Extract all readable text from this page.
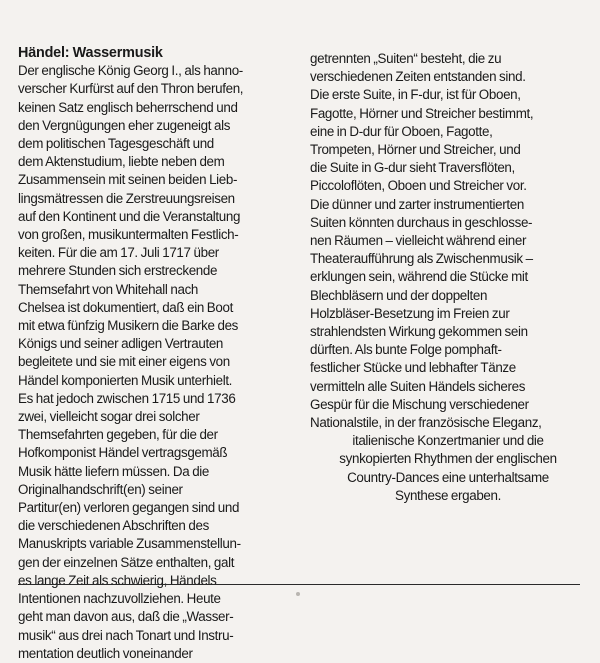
Händel: Wassermusik
Der englische König Georg I., als hanno-
verscher Kurfürst auf den Thron berufen,
keinen Satz englisch beherrschend und
den Vergnügungen eher zugeneigt als
dem politischen Tagesgeschäft und
dem Aktenstudium, liebte neben dem
Zusammensein mit seinen beiden Lieb-
lingsmätressen die Zerstreuungsreisen
auf den Kontinent und die Veranstaltung
von großen, musikuntermalten Festlich-
keiten. Für die am 17. Juli 1717 über
mehrere Stunden sich erstreckende
Themsefahrt von Whitehall nach
Chelsea ist dokumentiert, daß ein Boot
mit etwa fünfzig Musikern die Barke des
Königs und seiner adligen Vertrauten
begleitete und sie mit einer eigens von
Händel komponierten Musik unterhielt.
Es hat jedoch zwischen 1715 und 1736
zwei, vielleicht sogar drei solcher
Themsefahrten gegeben, für die der
Hofkomponist Händel vertragsgemäß
Musik hätte liefern müssen. Da die
Originalhandschrift(en) seiner
Partitur(en) verloren gegangen sind und
die verschiedenen Abschriften des
Manuskripts variable Zusammenstellun-
gen der einzelnen Sätze enthalten, galt
es lange Zeit als schwierig, Händels
Intentionen nachzuvollziehen. Heute
geht man davon aus, daß die „Wasser-
musik“ aus drei nach Tonart und Instru-
mentation deutlich voneinander
getrennten „Suiten“ besteht, die zu
verschiedenen Zeiten entstanden sind.
Die erste Suite, in F-dur, ist für Oboen,
Fagotte, Hörner und Streicher bestimmt,
eine in D-dur für Oboen, Fagotte,
Trompeten, Hörner und Streicher, und
die Suite in G-dur sieht Traversflöten,
Piccoloflöten, Oboen und Streicher vor.
Die dünner und zarter instrumentierten
Suiten könnten durchaus in geschlosse-
nen Räumen – vielleicht während einer
Theateraufführung als Zwischenmusik –
erklungen sein, während die Stücke mit
Blechbläsern und der doppelten
Holzbläser-Besetzung im Freien zur
strahlendsten Wirkung gekommen sein
dürften. Als bunte Folge pomphaft-
festlicher Stücke und lebhafter Tänze
vermitteln alle Suiten Händels sicheres
Gespür für die Mischung verschiedener
Nationalstile, in der französische Eleganz,
italienische Konzertmanier und die
synkopierten Rhythmen der englischen
Country-Dances eine unterhaltsame
Synthese ergaben.
